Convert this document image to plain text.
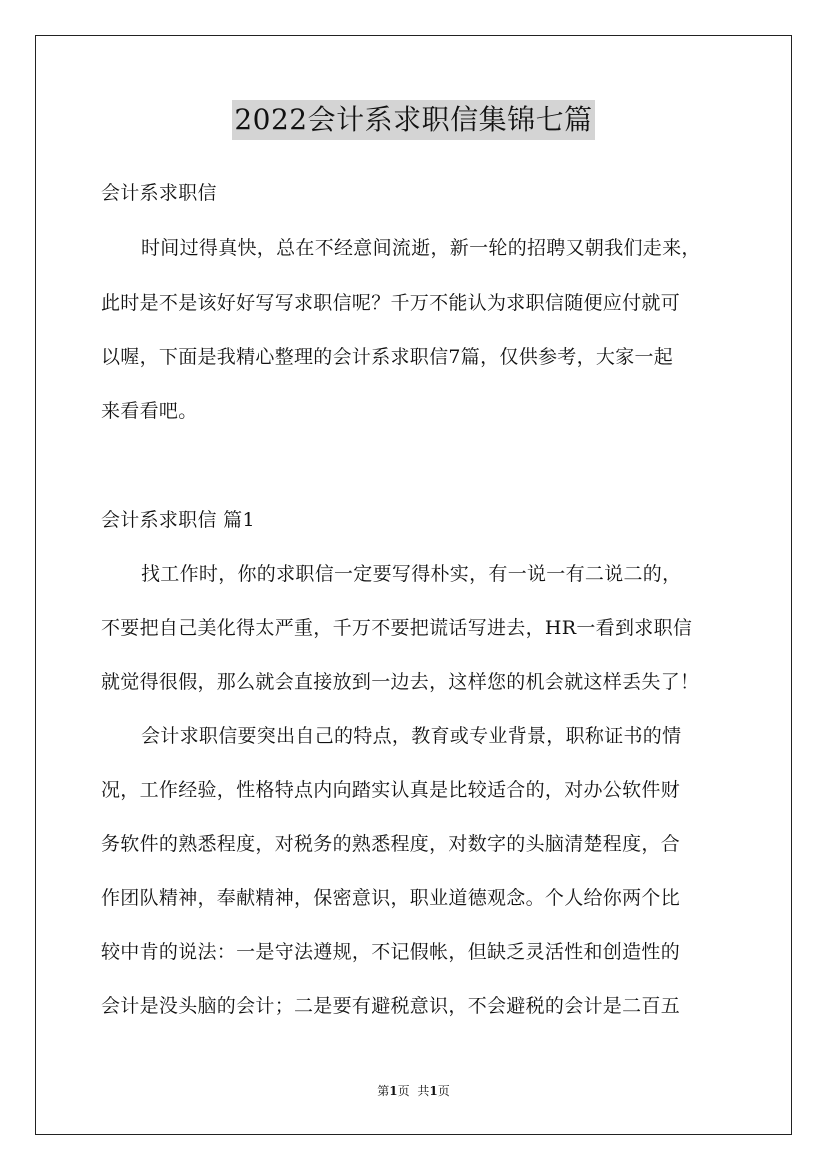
2022会计系求职信集锦七篇
会计系求职信
时间过得真快，总在不经意间流逝，新一轮的招聘又朝我们走来，
此时是不是该好好写写求职信呢？千万不能认为求职信随便应付就可
以喔，下面是我精心整理的会计系求职信7篇，仅供参考，大家一起
来看看吧。
会计系求职信 篇1
找工作时，你的求职信一定要写得朴实，有一说一有二说二的，
不要把自己美化得太严重，千万不要把谎话写进去，HR一看到求职信
就觉得很假，那么就会直接放到一边去，这样您的机会就这样丢失了！
会计求职信要突出自己的特点，教育或专业背景，职称证书的情
况，工作经验，性格特点内向踏实认真是比较适合的，对办公软件财
务软件的熟悉程度，对税务的熟悉程度，对数字的头脑清楚程度，合
作团队精神，奉献精神，保密意识，职业道德观念。个人给你两个比
较中肯的说法：一是守法遵规，不记假帐，但缺乏灵活性和创造性的
会计是没头脑的会计；二是要有避税意识，不会避税的会计是二百五
第1页 共1页
